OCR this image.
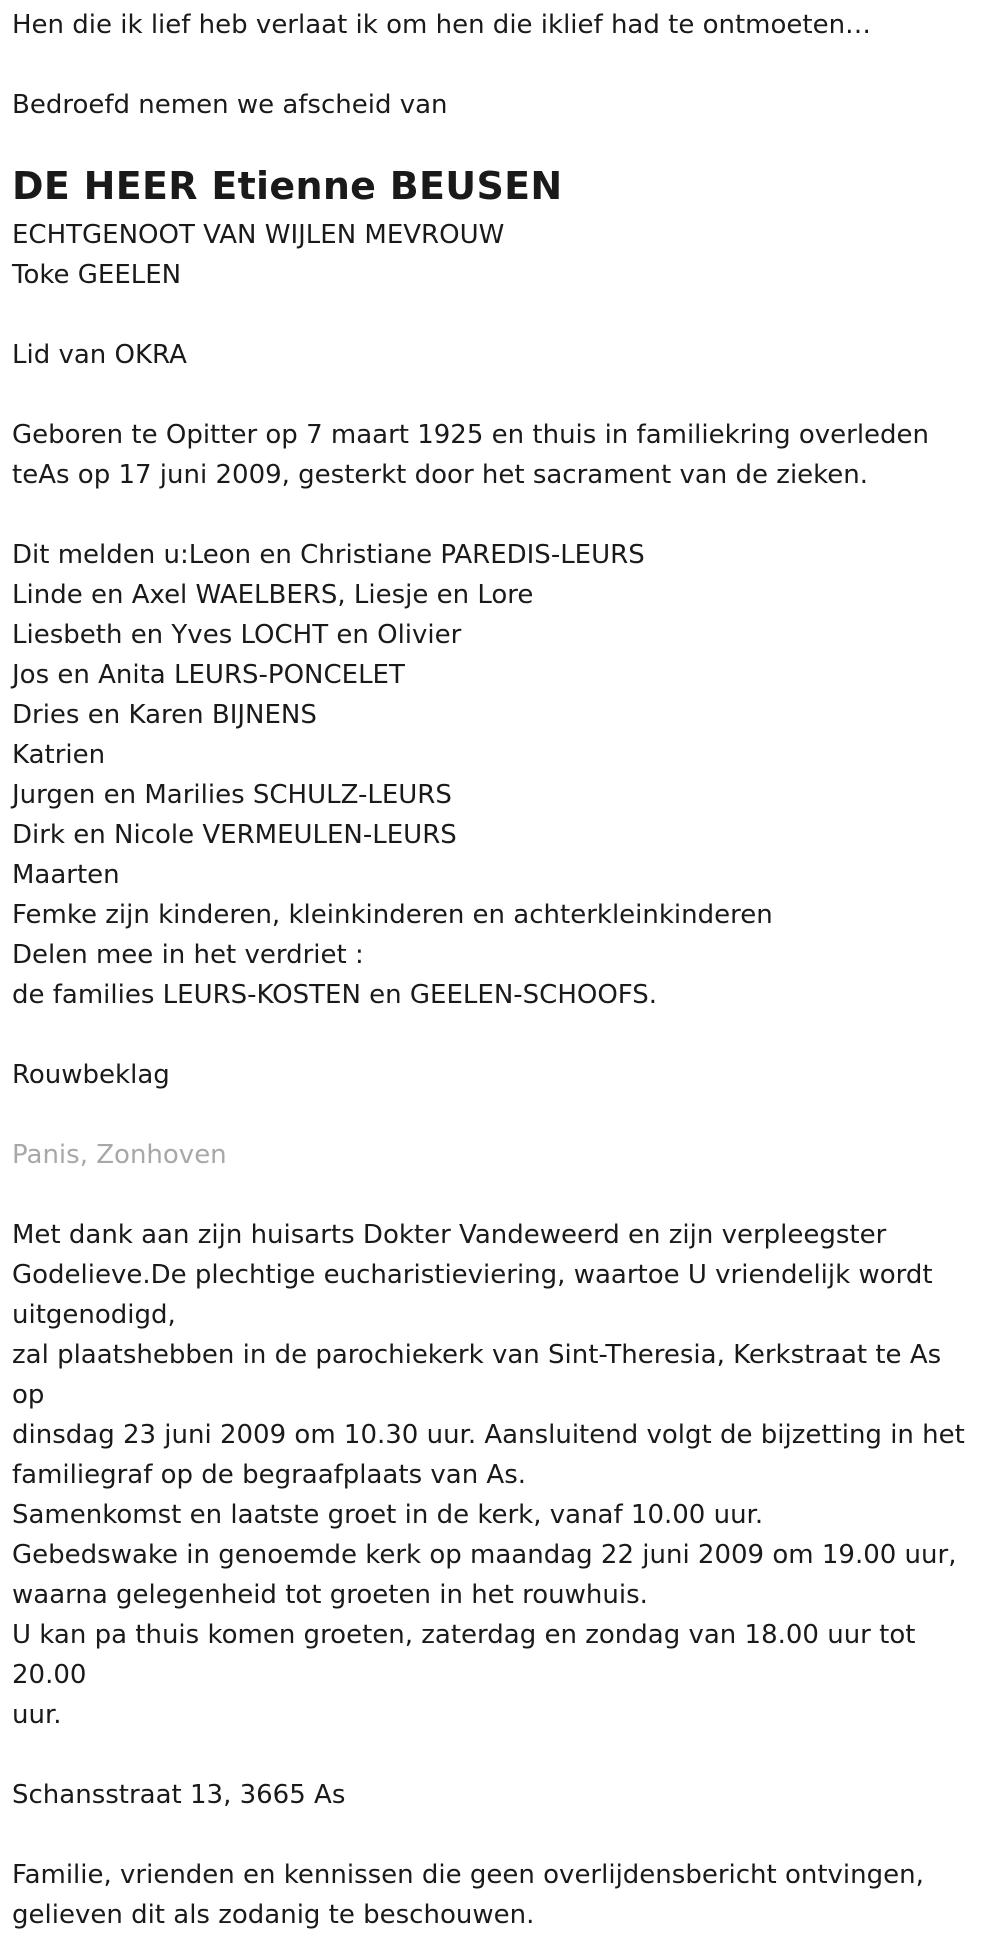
Hen die ik lief heb verlaat ik om hen die iklief had te ontmoeten…
Bedroefd nemen we afscheid van
DE HEER Etienne BEUSEN
ECHTGENOOT VAN WIJLEN MEVROUW
Toke GEELEN
Lid van OKRA
Geboren te Opitter op 7 maart 1925 en thuis in familiekring overleden
teAs op 17 juni 2009, gesterkt door het sacrament van de zieken.
Dit melden u:Leon en Christiane PAREDIS-LEURS
Linde en Axel WAELBERS, Liesje en Lore
Liesbeth en Yves LOCHT en Olivier
Jos en Anita LEURS-PONCELET
Dries en Karen BIJNENS
Katrien
Jurgen en Marilies SCHULZ-LEURS
Dirk en Nicole VERMEULEN-LEURS
Maarten
Femke zijn kinderen, kleinkinderen en achterkleinkinderen
Delen mee in het verdriet :
de families LEURS-KOSTEN en GEELEN-SCHOOFS.
Rouwbeklag
Panis, Zonhoven
Met dank aan zijn huisarts Dokter Vandeweerd en zijn verpleegster
Godelieve.De plechtige eucharistieviering, waartoe U vriendelijk wordt
uitgenodigd,
zal plaatshebben in de parochiekerk van Sint-Theresia, Kerkstraat te As
op
dinsdag 23 juni 2009 om 10.30 uur. Aansluitend volgt de bijzetting in het
familiegraf op de begraafplaats van As.
Samenkomst en laatste groet in de kerk, vanaf 10.00 uur.
Gebedswake in genoemde kerk op maandag 22 juni 2009 om 19.00 uur,
waarna gelegenheid tot groeten in het rouwhuis.
U kan pa thuis komen groeten, zaterdag en zondag van 18.00 uur tot
20.00
uur.
Schansstraat 13, 3665 As
Familie, vrienden en kennissen die geen overlijdensbericht ontvingen,
gelieven dit als zodanig te beschouwen.
